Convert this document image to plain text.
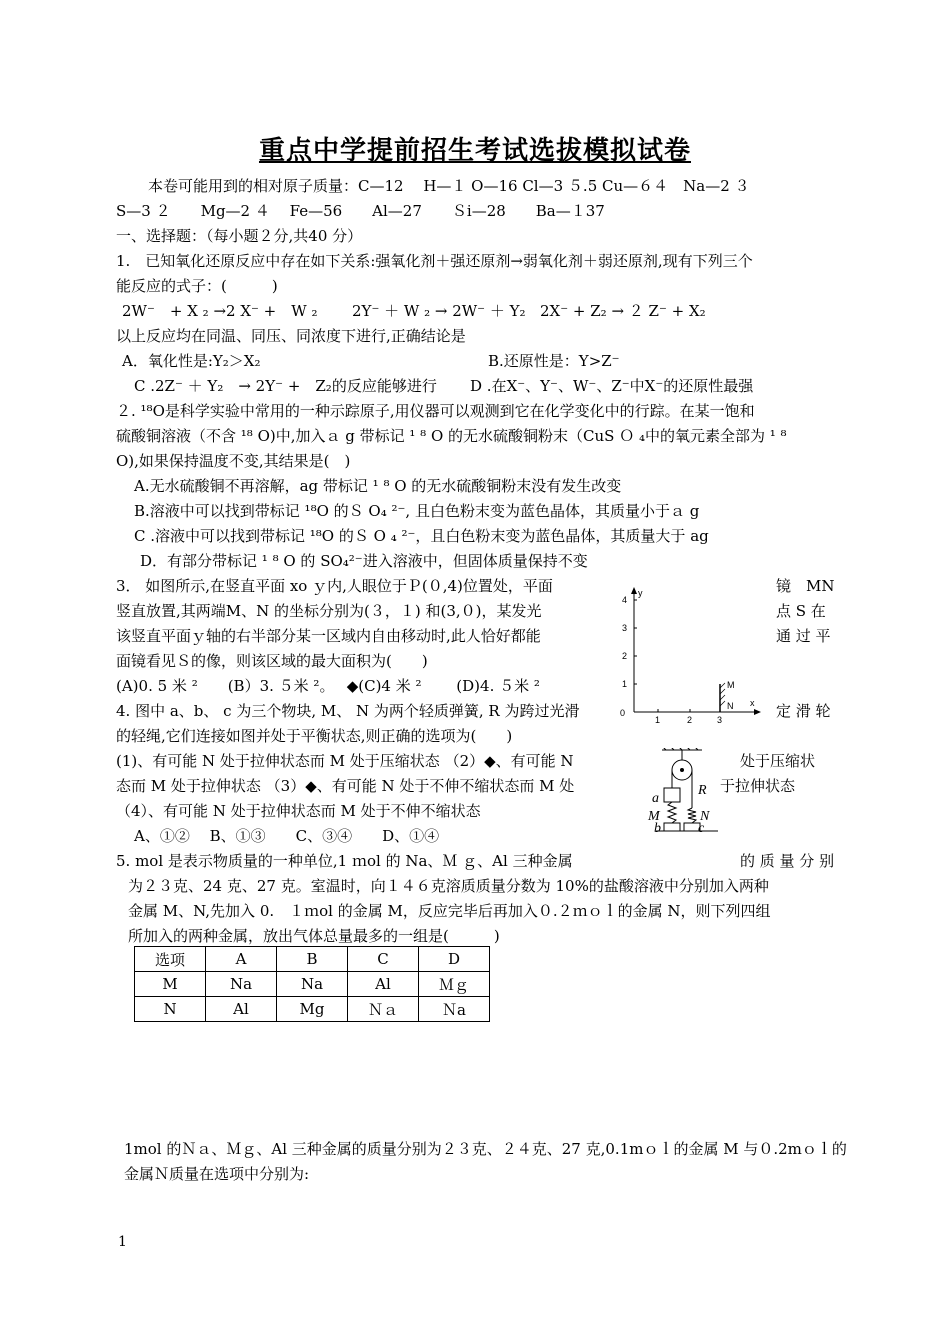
重点中学提前招生考试选拔模拟试卷
本卷可能用到的相对原子质量：C—12　 H—１ O—16 Cl—3 ５.5 Cu—６４　Na—2 ３
S—3 ２　　Mg—2 ４　 Fe—56　　Al—27　　Ｓi—28　　Ba—１37
一、选择题：（每小题２分,共40 分）
1.　已知氧化还原反应中存在如下关系:强氧化剂＋强还原剂→弱氧化剂＋弱还原剂,现有下列三个
能反应的式子：(　　　)
2W⁻　+ X ₂ →2 X⁻ +　W ₂ 2Y⁻ ＋ W ₂ → 2W⁻ ＋ Y₂ 2X⁻ + Z₂ → ２ Z⁻ + X₂
以上反应均在同温、同压、同浓度下进行,正确结论是
A．氧化性是:Y₂＞X₂	B.还原性是：Y>Z⁻
C .2Z⁻ ＋ Y₂　→ 2Y⁻ +　Z₂的反应能够进行 D .在X⁻、Y⁻、W⁻、Z⁻中X⁻的还原性最强
２. ¹⁸O是科学实验中常用的一种示踪原子,用仪器可以观测到它在化学变化中的行踪。在某一饱和
硫酸铜溶液（不含 ¹⁸ O)中,加入ａ g 带标记 ¹ ⁸ O 的无水硫酸铜粉末（CuS Ｏ ₄中的氧元素全部为 ¹ ⁸
O),如果保持温度不变,其结果是(　)
A.无水硫酸铜不再溶解，ag 带标记 ¹ ⁸ O 的无水硫酸铜粉末没有发生改变
B.溶液中可以找到带标记 ¹⁸O 的Ｓ O₄ ²⁻, 且白色粉末变为蓝色晶体，其质量小于ａ g
C .溶液中可以找到带标记 ¹⁸O 的Ｓ O ₄ ²⁻，且白色粉末变为蓝色晶体，其质量大于 ag
D．有部分带标记 ¹ ⁸ O 的 SO₄²⁻进入溶液中，但固体质量保持不变
3． 如图所示,在竖直平面 xo ｙ内,人眼位于Ｐ(０,4)位置处，平面	镜　MN
竖直放置,其两端M、N 的坐标分别为(３，１) 和(3,０)，某发光	点 S 在
该竖直平面ｙ轴的右半部分某一区域内自由移动时,此人恰好都能	通 过 平
面镜看见Ｓ的像，则该区域的最大面积为(　　)
(A)0. 5 米 ²　　(B）3. ５米 ²。　 ◆(C)4 米 ²　　 (D)4. ５米 ²
y
x
0
4
3
2
1
1	2	3
M
N
4. 图中 a、b、 c 为三个物块, M、 N 为两个轻质弹簧, R 为跨过光滑	定 滑 轮
的轻绳,它们连接如图并处于平衡状态,则正确的选项为(　　)
(1)、有可能 N 处于拉伸状态而 M 处于压缩状态 （2）◆、有可能 N	处于压缩状
态而 M 处于拉伸状态 （3）◆、有可能 N 处于不伸不缩状态而 M 处	于拉伸状态
（4）、有可能 N 处于拉伸状态而 M 处于不伸不缩状态
A、①②　 B、①③　　C、③④　　D、①④
a
R
M	N
b	c
5. mol 是表示物质量的一种单位,1 ｍol 的 Na、Ｍ ｇ、Al 三种金属	的 质 量 分 别
为２３克、24 克、27 克。室温时，向１４６克溶质质量分数为 10%的盐酸溶液中分别加入两种
金属 M、N,先加入 0.　１ｍol 的金属 M，反应完毕后再加入０.２ｍｏｌ的金属 N，则下列四组
所加入的两种金属，放出气体总量最多的一组是(　　　)
选项	A	B	C	D
M	Na	Na	Al	Ｍｇ
N	Al	Mg	Ｎａ	Ｎa
1mol 的Ｎａ、Ｍｇ、Al 三种金属的质量分别为２３克、２４克、27 克,0.1mｏｌ的金属 M 与０.2mｏｌ的
金属Ｎ质量在选项中分别为:
1
